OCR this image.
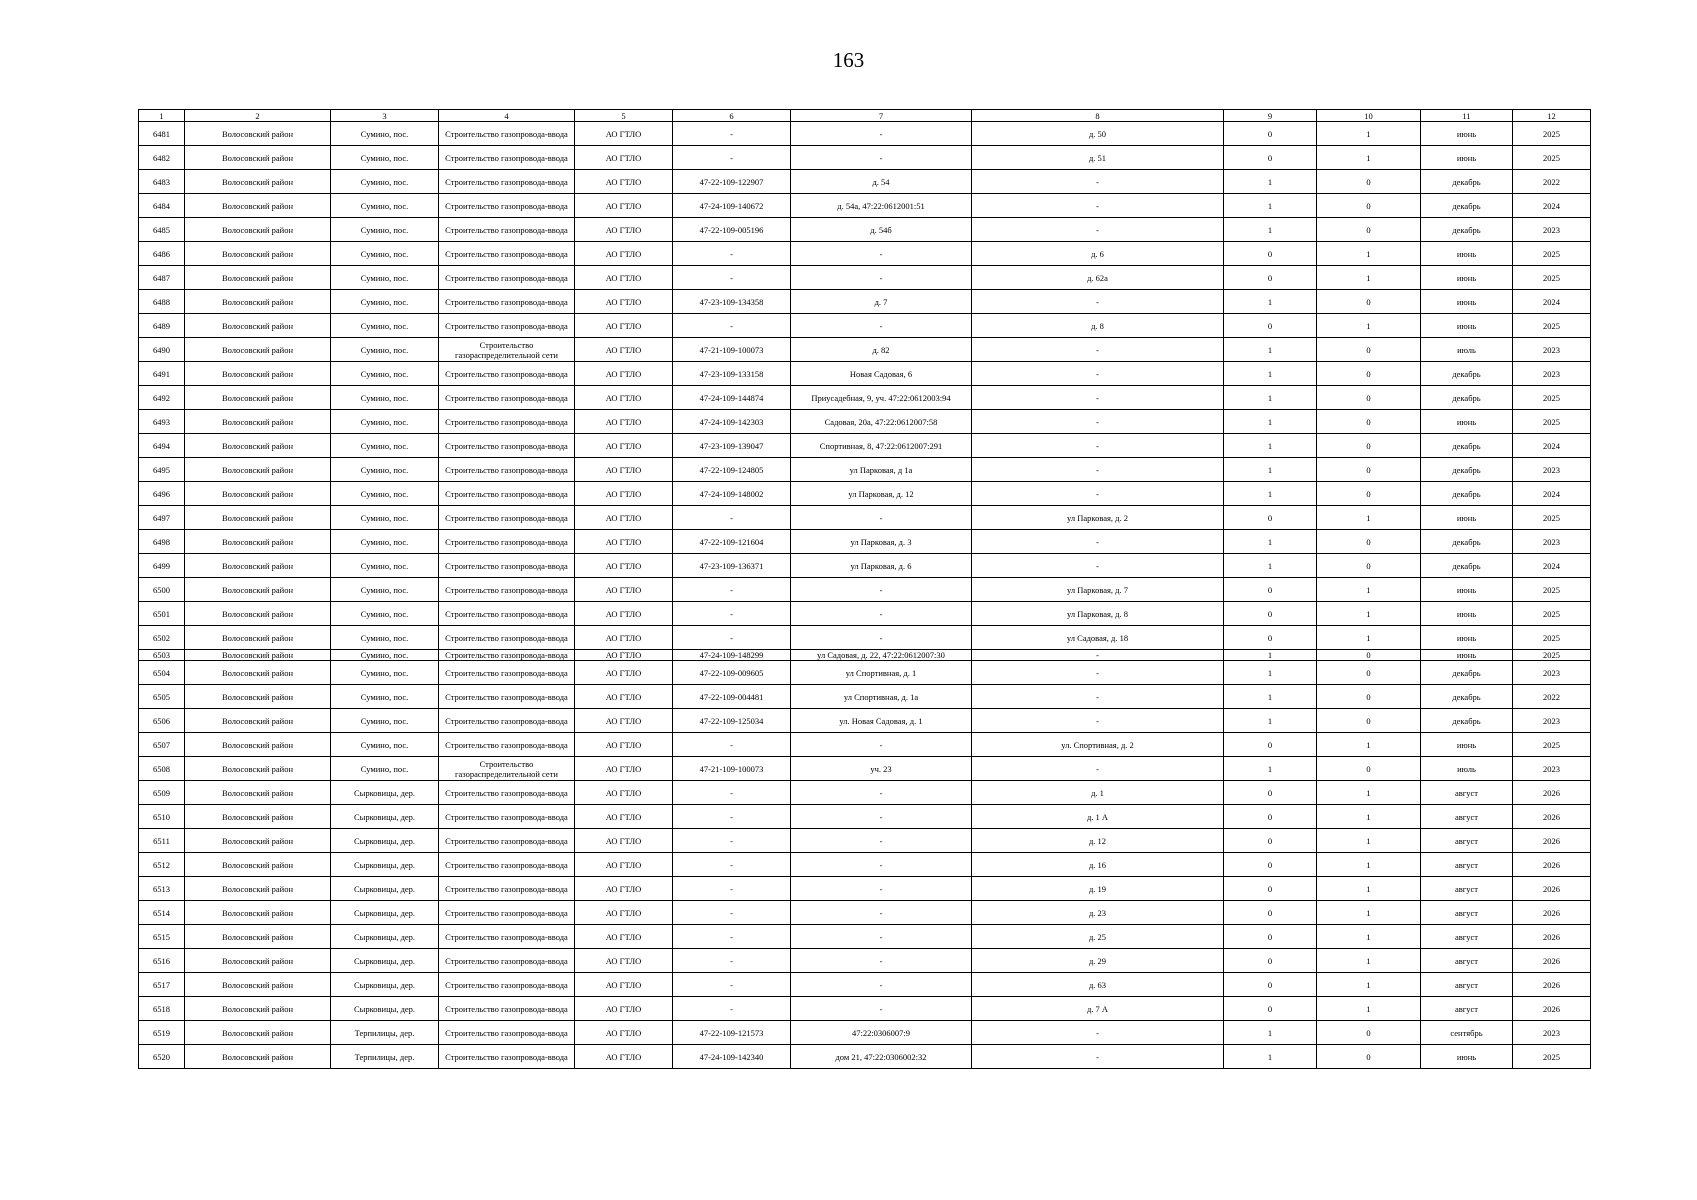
163
1	2	3	4	5	6	7	8	9	10	11	12
6481	Волосовский район	Сумино, пос.	Строительство газопровода-ввода	АО ГТЛО	-	-	д. 50	0	1	июнь	2025
6482	Волосовский район	Сумино, пос.	Строительство газопровода-ввода	АО ГТЛО	-	-	д. 51	0	1	июнь	2025
6483	Волосовский район	Сумино, пос.	Строительство газопровода-ввода	АО ГТЛО	47-22-109-122907	д. 54	-	1	0	декабрь	2022
6484	Волосовский район	Сумино, пос.	Строительство газопровода-ввода	АО ГТЛО	47-24-109-140672	д. 54а, 47:22:0612001:51	-	1	0	декабрь	2024
6485	Волосовский район	Сумино, пос.	Строительство газопровода-ввода	АО ГТЛО	47-22-109-005196	д. 54б	-	1	0	декабрь	2023
6486	Волосовский район	Сумино, пос.	Строительство газопровода-ввода	АО ГТЛО	-	-	д. 6	0	1	июнь	2025
6487	Волосовский район	Сумино, пос.	Строительство газопровода-ввода	АО ГТЛО	-	-	д. 62а	0	1	июнь	2025
6488	Волосовский район	Сумино, пос.	Строительство газопровода-ввода	АО ГТЛО	47-23-109-134358	д. 7	-	1	0	июнь	2024
6489	Волосовский район	Сумино, пос.	Строительство газопровода-ввода	АО ГТЛО	-	-	д. 8	0	1	июнь	2025
6490	Волосовский район	Сумино, пос.	Строительство газораспределительной сети	АО ГТЛО	47-21-109-100073	д. 82	-	1	0	июль	2023
6491	Волосовский район	Сумино, пос.	Строительство газопровода-ввода	АО ГТЛО	47-23-109-133158	Новая Садовая, 6	-	1	0	декабрь	2023
6492	Волосовский район	Сумино, пос.	Строительство газопровода-ввода	АО ГТЛО	47-24-109-144874	Приусадебная, 9, уч. 47:22:0612003:94	-	1	0	декабрь	2025
6493	Волосовский район	Сумино, пос.	Строительство газопровода-ввода	АО ГТЛО	47-24-109-142303	Садовая, 20а, 47:22:0612007:58	-	1	0	июнь	2025
6494	Волосовский район	Сумино, пос.	Строительство газопровода-ввода	АО ГТЛО	47-23-109-139047	Спортивная, 8, 47:22:0612007:291	-	1	0	декабрь	2024
6495	Волосовский район	Сумино, пос.	Строительство газопровода-ввода	АО ГТЛО	47-22-109-124805	ул Парковая, д 1а	-	1	0	декабрь	2023
6496	Волосовский район	Сумино, пос.	Строительство газопровода-ввода	АО ГТЛО	47-24-109-148002	ул Парковая, д. 12	-	1	0	декабрь	2024
6497	Волосовский район	Сумино, пос.	Строительство газопровода-ввода	АО ГТЛО	-	-	ул Парковая, д. 2	0	1	июнь	2025
6498	Волосовский район	Сумино, пос.	Строительство газопровода-ввода	АО ГТЛО	47-22-109-121604	ул Парковая, д. 3	-	1	0	декабрь	2023
6499	Волосовский район	Сумино, пос.	Строительство газопровода-ввода	АО ГТЛО	47-23-109-136371	ул Парковая, д. 6	-	1	0	декабрь	2024
6500	Волосовский район	Сумино, пос.	Строительство газопровода-ввода	АО ГТЛО	-	-	ул Парковая, д. 7	0	1	июнь	2025
6501	Волосовский район	Сумино, пос.	Строительство газопровода-ввода	АО ГТЛО	-	-	ул Парковая, д. 8	0	1	июнь	2025
6502	Волосовский район	Сумино, пос.	Строительство газопровода-ввода	АО ГТЛО	-	-	ул Садовая, д. 18	0	1	июнь	2025
6503	Волосовский район	Сумино, пос.	Строительство газопровода-ввода	АО ГТЛО	47-24-109-148299	ул Садовая, д. 22, 47:22:0612007:30	-	1	0	июнь	2025
6504	Волосовский район	Сумино, пос.	Строительство газопровода-ввода	АО ГТЛО	47-22-109-009605	ул Спортивная, д. 1	-	1	0	декабрь	2023
6505	Волосовский район	Сумино, пос.	Строительство газопровода-ввода	АО ГТЛО	47-22-109-004481	ул Спортивная, д. 1а	-	1	0	декабрь	2022
6506	Волосовский район	Сумино, пос.	Строительство газопровода-ввода	АО ГТЛО	47-22-109-125034	ул. Новая Садовая, д. 1	-	1	0	декабрь	2023
6507	Волосовский район	Сумино, пос.	Строительство газопровода-ввода	АО ГТЛО	-	-	ул. Спортивная, д. 2	0	1	июнь	2025
6508	Волосовский район	Сумино, пос.	Строительство газораспределительной сети	АО ГТЛО	47-21-109-100073	уч. 23	-	1	0	июль	2023
6509	Волосовский район	Сырковицы, дер.	Строительство газопровода-ввода	АО ГТЛО	-	-	д. 1	0	1	август	2026
6510	Волосовский район	Сырковицы, дер.	Строительство газопровода-ввода	АО ГТЛО	-	-	д. 1 А	0	1	август	2026
6511	Волосовский район	Сырковицы, дер.	Строительство газопровода-ввода	АО ГТЛО	-	-	д. 12	0	1	август	2026
6512	Волосовский район	Сырковицы, дер.	Строительство газопровода-ввода	АО ГТЛО	-	-	д. 16	0	1	август	2026
6513	Волосовский район	Сырковицы, дер.	Строительство газопровода-ввода	АО ГТЛО	-	-	д. 19	0	1	август	2026
6514	Волосовский район	Сырковицы, дер.	Строительство газопровода-ввода	АО ГТЛО	-	-	д. 23	0	1	август	2026
6515	Волосовский район	Сырковицы, дер.	Строительство газопровода-ввода	АО ГТЛО	-	-	д. 25	0	1	август	2026
6516	Волосовский район	Сырковицы, дер.	Строительство газопровода-ввода	АО ГТЛО	-	-	д. 29	0	1	август	2026
6517	Волосовский район	Сырковицы, дер.	Строительство газопровода-ввода	АО ГТЛО	-	-	д. 63	0	1	август	2026
6518	Волосовский район	Сырковицы, дер.	Строительство газопровода-ввода	АО ГТЛО	-	-	д. 7 А	0	1	август	2026
6519	Волосовский район	Терпилицы, дер.	Строительство газопровода-ввода	АО ГТЛО	47-22-109-121573	47:22:0306007:9	-	1	0	сентябрь	2023
6520	Волосовский район	Терпилицы, дер.	Строительство газопровода-ввода	АО ГТЛО	47-24-109-142340	дом 21, 47:22:0306002:32	-	1	0	июнь	2025
